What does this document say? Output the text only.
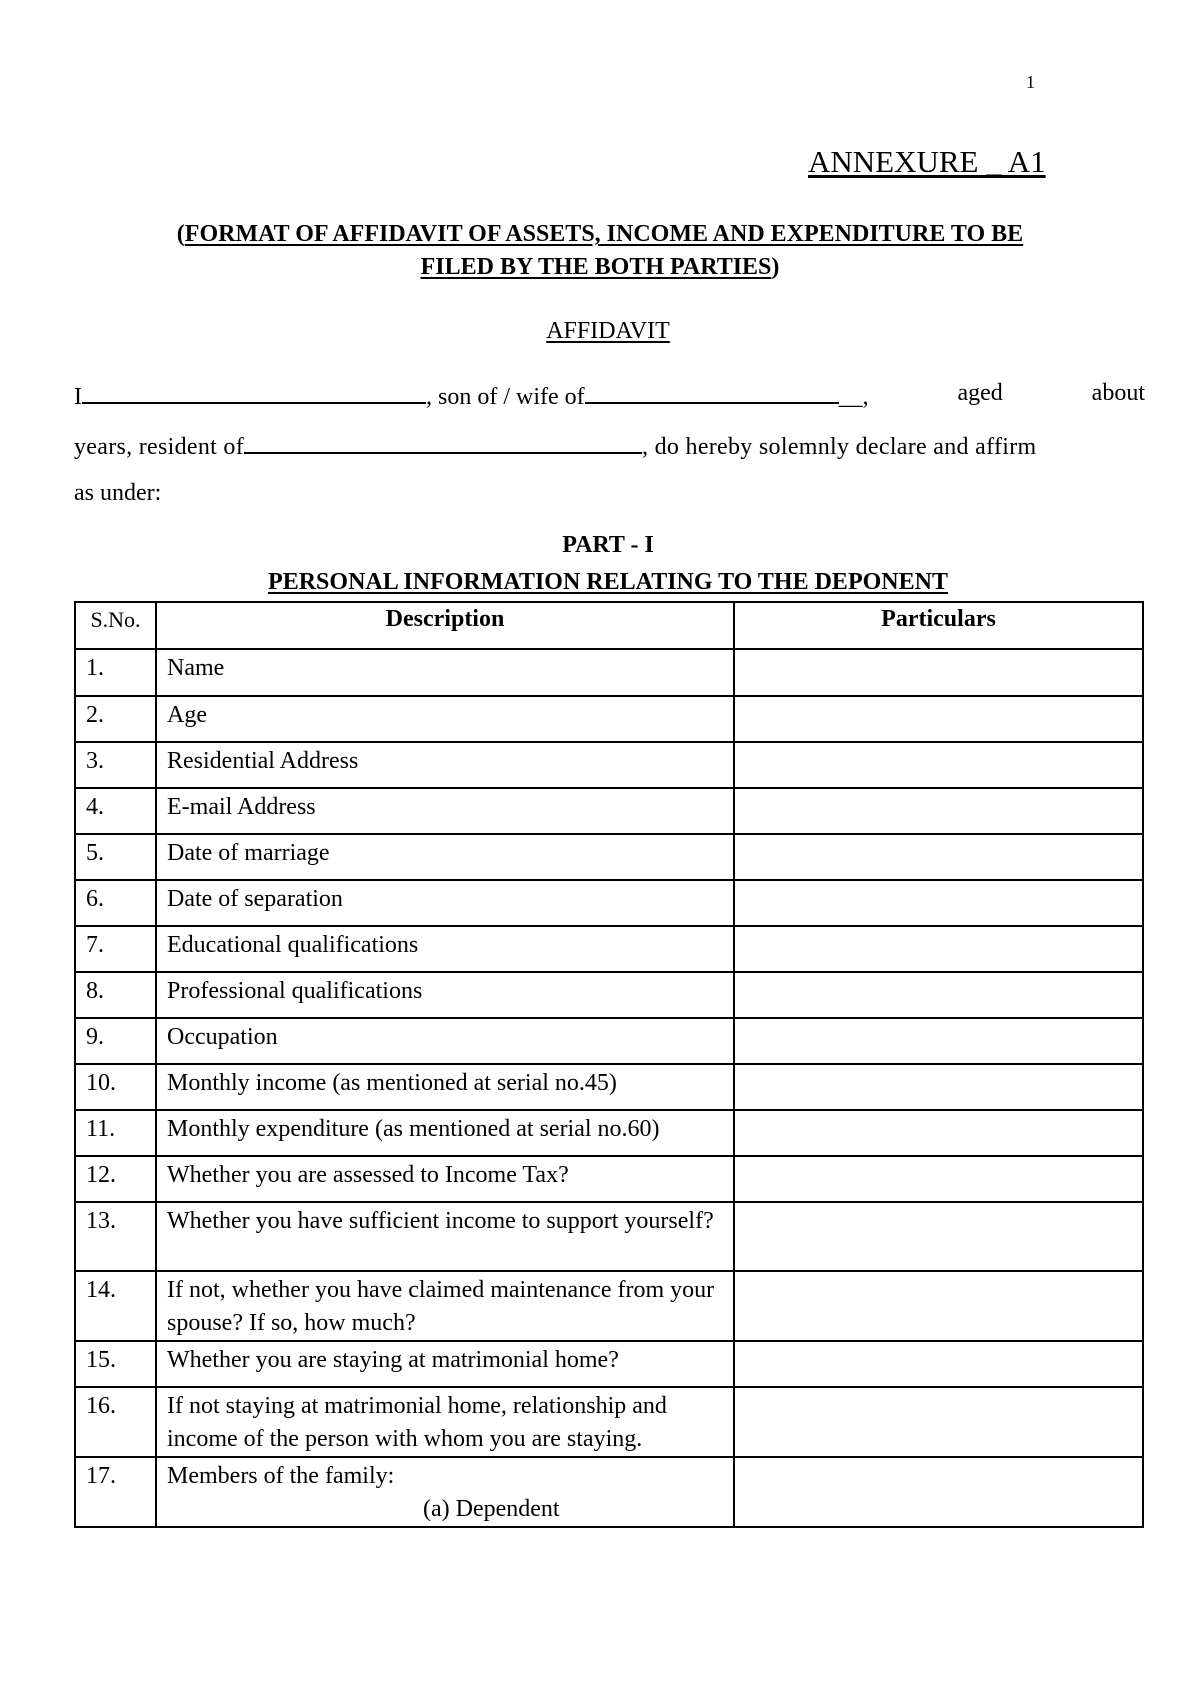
1
ANNEXURE _ A1
(FORMAT OF AFFIDAVIT OF ASSETS, INCOME AND EXPENDITURE TO BE
FILED BY THE BOTH PARTIES)
AFFIDAVIT
I	, son of / wife of	__,	aged	about
years, resident of	, do hereby solemnly declare and affirm
as under:
PART - I
PERSONAL INFORMATION RELATING TO THE DEPONENT
S.No.	Description	Particulars
1.	Name	
2.	Age	
3.	Residential Address	
4.	E-mail Address	
5.	Date of marriage	
6.	Date of separation	
7.	Educational qualifications	
8.	Professional qualifications	
9.	Occupation	
10.	Monthly income (as mentioned at serial no.45)	
11.	Monthly expenditure (as mentioned at serial no.60)	
12.	Whether you are assessed to Income Tax?	
13.	Whether you have sufficient income to support yourself?	
14.	If not, whether you have claimed maintenance from your spouse? If so, how much?	
15.	Whether you are staying at matrimonial home?	
16.	If not staying at matrimonial home, relationship and income of the person with whom you are staying.	
17.	Members of the family:
(a) Dependent	
